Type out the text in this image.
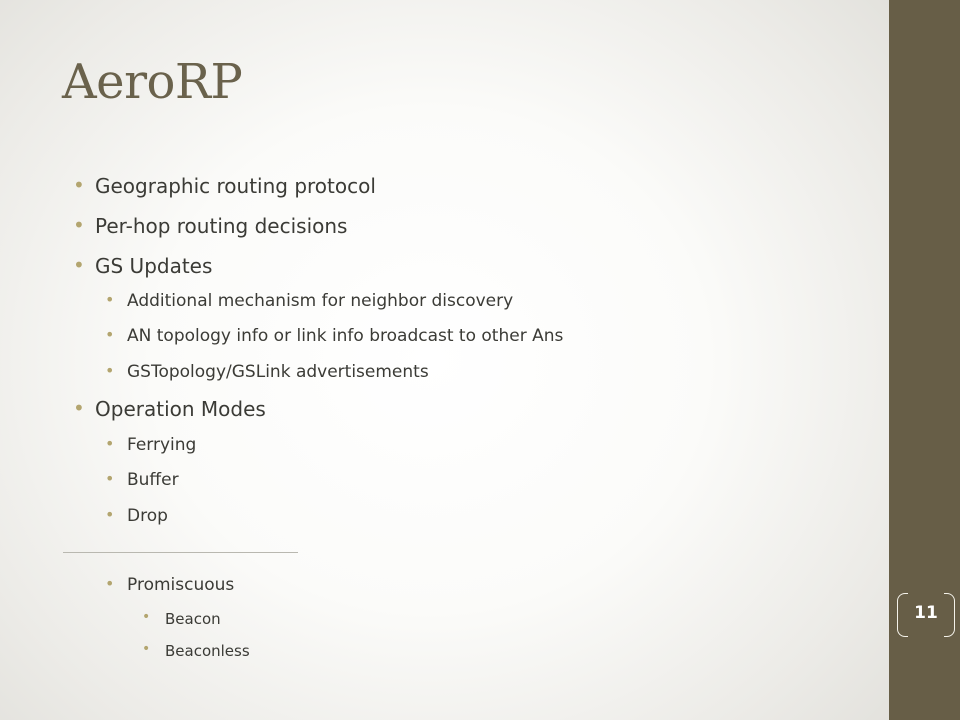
AeroRP
• Geographic routing protocol
• Per-hop routing decisions
• GS Updates
• Additional mechanism for neighbor discovery
• AN topology info or link info broadcast to other Ans
• GSTopology/GSLink advertisements
• Operation Modes
• Ferrying
• Buffer
• Drop
• Promiscuous
• Beacon
• Beaconless
11
